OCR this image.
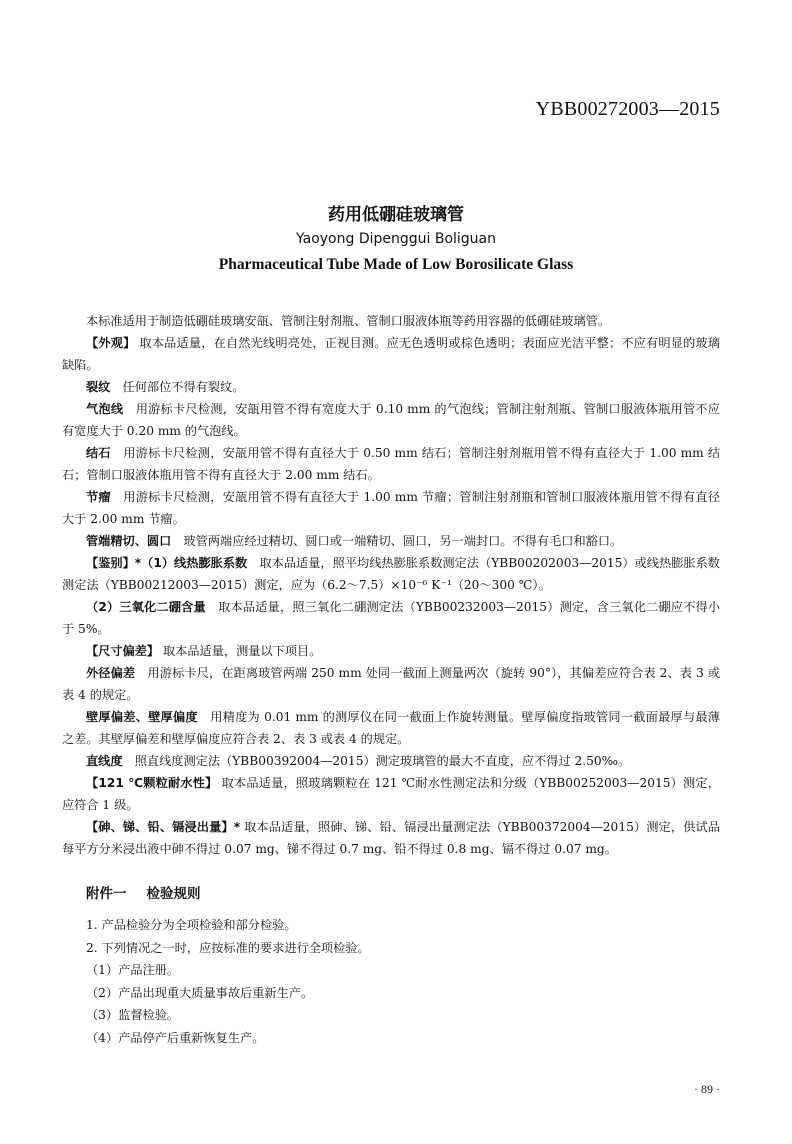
YBB00272003—2015
药用低硼硅玻璃管
Yaoyong Dipenggui Boliguan
Pharmaceutical Tube Made of Low Borosilicate Glass

本标准适用于制造低硼硅玻璃安瓿、管制注射剂瓶、管制口服液体瓶等药用容器的低硼硅玻璃管。

【外观】 取本品适量，在自然光线明亮处，正视目测。应无色透明或棕色透明；表面应光洁平整；不应有明显的玻璃缺陷。

裂纹　任何部位不得有裂纹。

气泡线　用游标卡尺检测，安瓿用管不得有宽度大于 0.10 mm 的气泡线；管制注射剂瓶、管制口服液体瓶用管不应有宽度大于 0.20 mm 的气泡线。

结石　用游标卡尺检测，安瓿用管不得有直径大于 0.50 mm 结石；管制注射剂瓶用管不得有直径大于 1.00 mm 结石；管制口服液体瓶用管不得有直径大于 2.00 mm 结石。

节瘤　用游标卡尺检测，安瓿用管不得有直径大于 1.00 mm 节瘤；管制注射剂瓶和管制口服液体瓶用管不得有直径大于 2.00 mm 节瘤。

管端精切、圆口　玻管两端应经过精切、圆口或一端精切、圆口，另一端封口。不得有毛口和豁口。

【鉴别】*（1）线热膨胀系数　取本品适量，照平均线热膨胀系数测定法（YBB00202003—2015）或线热膨胀系数测定法（YBB00212003—2015）测定，应为（6.2～7.5）×10⁻⁶ K⁻¹（20～300 ℃）。

（2）三氧化二硼含量　取本品适量，照三氧化二硼测定法（YBB00232003—2015）测定，含三氧化二硼应不得小于 5%。

【尺寸偏差】 取本品适量，测量以下项目。

外径偏差　用游标卡尺，在距离玻管两端 250 mm 处同一截面上测量两次（旋转 90°），其偏差应符合表 2、表 3 或表 4 的规定。

壁厚偏差、壁厚偏度　用精度为 0.01 mm 的测厚仪在同一截面上作旋转测量。壁厚偏度指玻管同一截面最厚与最薄之差。其壁厚偏差和壁厚偏度应符合表 2、表 3 或表 4 的规定。

直线度　照直线度测定法（YBB00392004—2015）测定玻璃管的最大不直度，应不得过 2.50‰。

【121 ℃颗粒耐水性】 取本品适量，照玻璃颗粒在 121 ℃耐水性测定法和分级（YBB00252003—2015）测定，应符合 1 级。

【砷、锑、铅、镉浸出量】* 取本品适量，照砷、锑、铅、镉浸出量测定法（YBB00372004—2015）测定，供试品每平方分米浸出液中砷不得过 0.07 mg、锑不得过 0.7 mg、铅不得过 0.8 mg、镉不得过 0.07 mg。

附件一 检验规则

1. 产品检验分为全项检验和部分检验。

2. 下列情况之一时，应按标准的要求进行全项检验。

（1）产品注册。

（2）产品出现重大质量事故后重新生产。

（3）监督检验。

（4）产品停产后重新恢复生产。

· 89 ·
